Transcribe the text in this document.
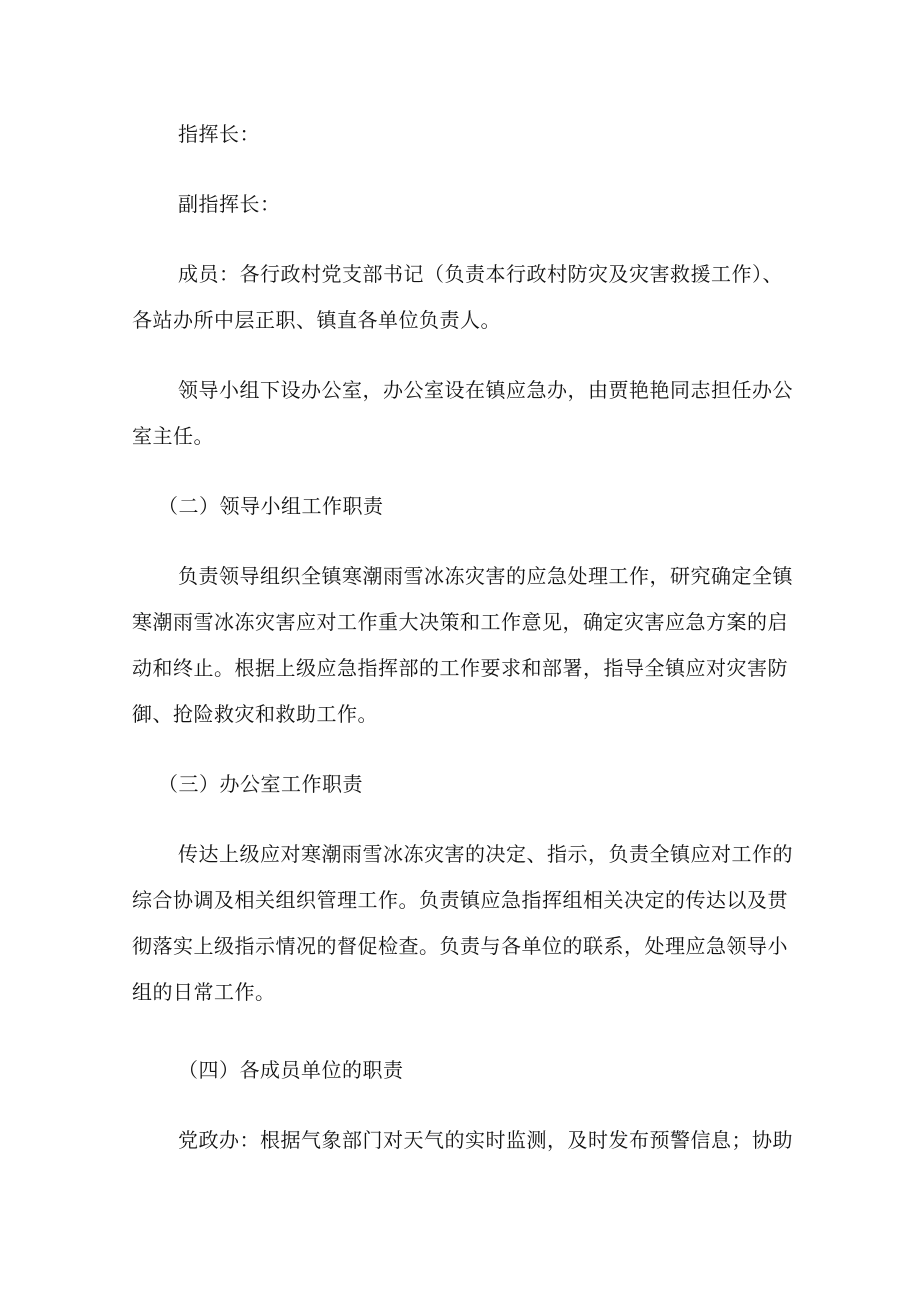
指挥长：
副指挥长：
成员：各行政村党支部书记（负责本行政村防灾及灾害救援工作）、
各站办所中层正职、镇直各单位负责人。
领导小组下设办公室，办公室设在镇应急办，由贾艳艳同志担任办公
室主任。
（二）领导小组工作职责
负责领导组织全镇寒潮雨雪冰冻灾害的应急处理工作，研究确定全镇
寒潮雨雪冰冻灾害应对工作重大决策和工作意见，确定灾害应急方案的启
动和终止。根据上级应急指挥部的工作要求和部署，指导全镇应对灾害防
御、抢险救灾和救助工作。
（三）办公室工作职责
传达上级应对寒潮雨雪冰冻灾害的决定、指示，负责全镇应对工作的
综合协调及相关组织管理工作。负责镇应急指挥组相关决定的传达以及贯
彻落实上级指示情况的督促检查。负责与各单位的联系，处理应急领导小
组的日常工作。
（四）各成员单位的职责
党政办：根据气象部门对天气的实时监测，及时发布预警信息；协助
